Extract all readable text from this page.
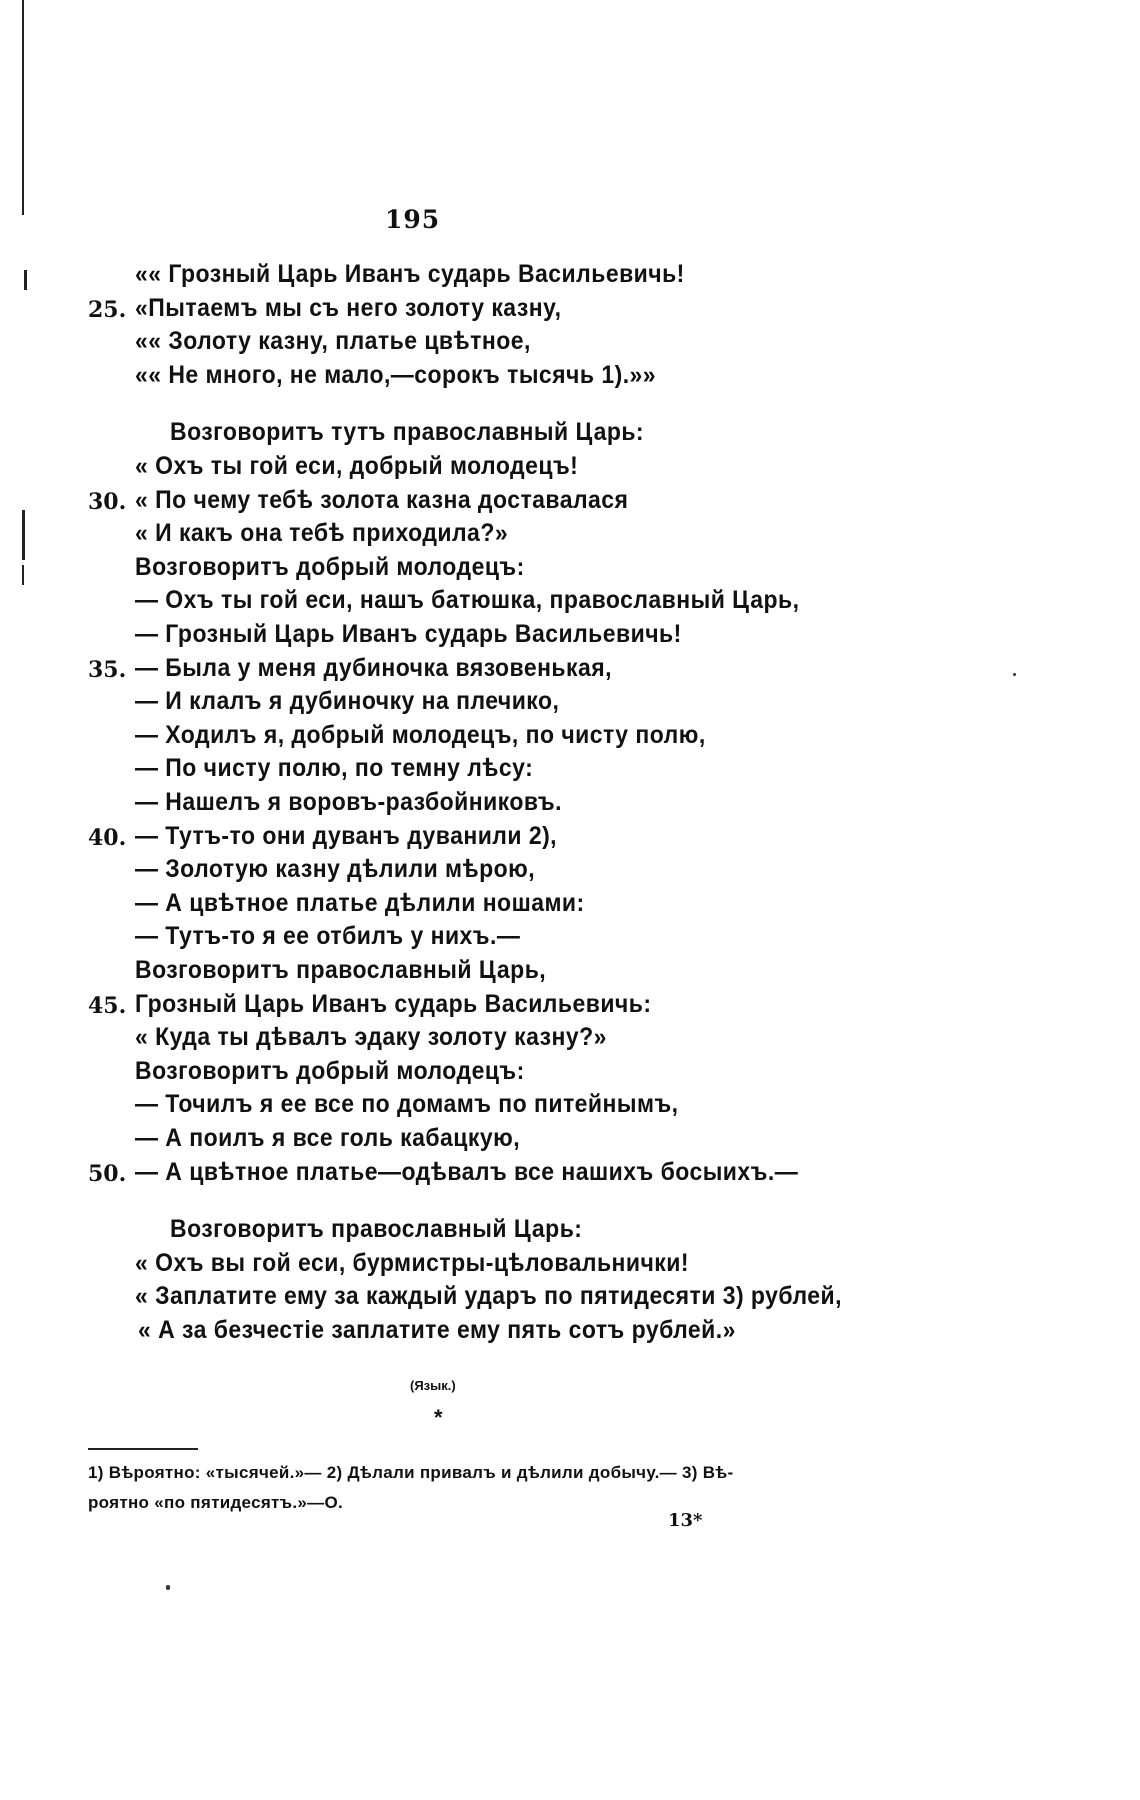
195
«« Грозный Царь Иванъ сударь Васильевичь!
25. «Пытаемъ мы съ него золоту казну,
«« Золоту казну, платье цвѣтное,
«« Не много, не мало,—сорокъ тысячь 1).»»
Возговоритъ тутъ православный Царь:
« Охъ ты гой еси, добрый молодецъ!
30. « По чему тебѣ золота казна доставалася
« И какъ она тебѣ приходила?»
Возговоритъ добрый молодецъ:
— Охъ ты гой еси, нашъ батюшка, православный Царь,
— Грозный Царь Иванъ сударь Васильевичь!
35. — Была у меня дубиночка вязовенькая,
— И клалъ я дубиночку на плечико,
— Ходилъ я, добрый молодецъ, по чисту полю,
— По чисту полю, по темну лѣсу:
— Нашелъ я воровъ-разбойниковъ.
40. — Тутъ-то они дуванъ дуванили 2),
— Золотую казну дѣлили мѣрою,
— А цвѣтное платье дѣлили ношами:
— Тутъ-то я ее отбилъ у нихъ.—
Возговоритъ православный Царь,
45. Грозный Царь Иванъ сударь Васильевичь:
« Куда ты дѣвалъ эдаку золоту казну?»
Возговоритъ добрый молодецъ:
— Точилъ я ее все по домамъ по питейнымъ,
— А поилъ я все голь кабацкую,
50. — А цвѣтное платье—одѣвалъ все нашихъ босыихъ.—
Возговоритъ православный Царь:
« Охъ вы гой еси, бурмистры-цѣловальнички!
« Заплатите ему за каждый ударъ по пятидесяти 3) рублей,
« А за безчестіе заплатите ему пять сотъ рублей.»
(Язык.)
*
1) Вѣроятно: «тысячей.»— 2) Дѣлали привалъ и дѣлили добычу.— 3) Вѣ-
роятно «по пятидесятъ.»—О.
13*
